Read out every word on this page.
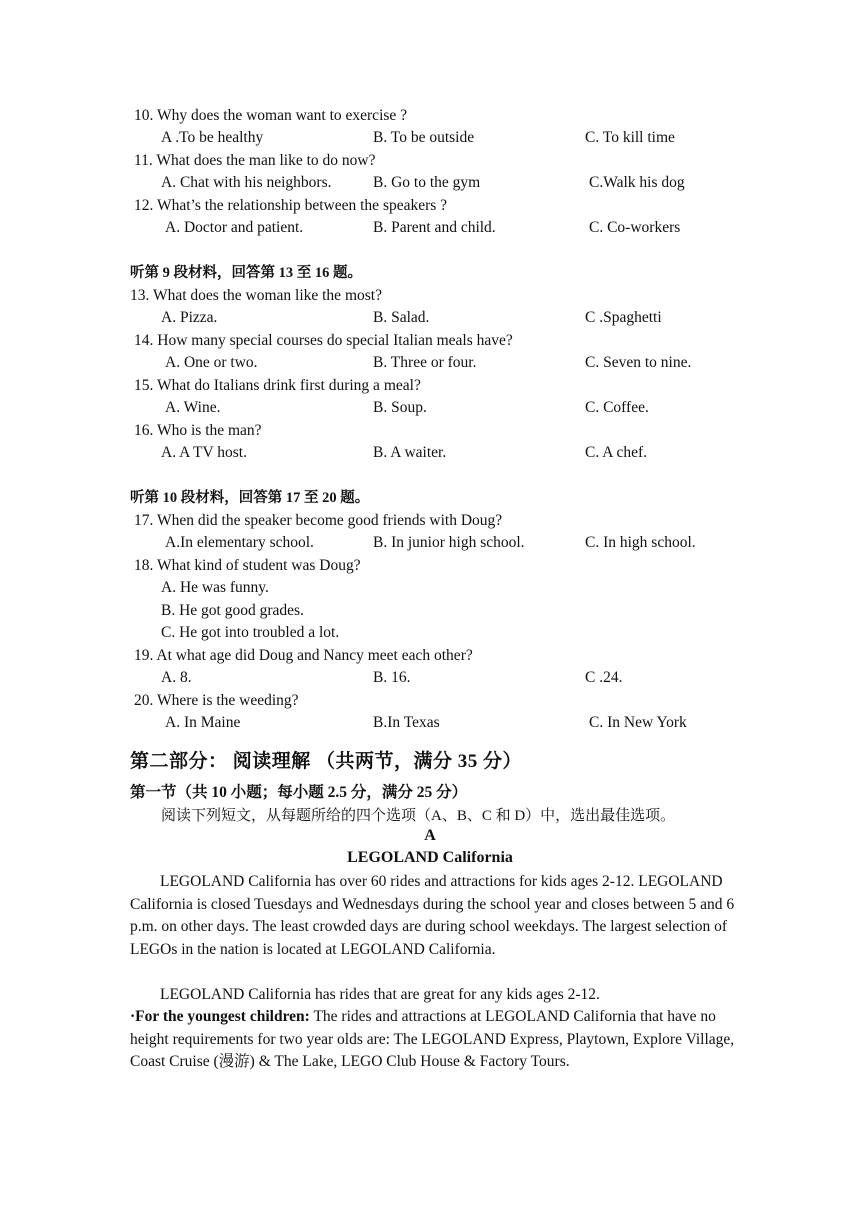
10. Why does the woman want to exercise ?
A .To be healthy	B. To be outside	C. To kill time
11. What does the man like to do now?
A. Chat with his neighbors.	B. Go to the gym	C.Walk his dog
12. What’s the relationship between the speakers ?
A. Doctor and patient.	B. Parent and child.	C. Co-workers
听第 9 段材料，回答第 13 至 16 题。
13. What does the woman like the most?
A. Pizza.	B. Salad.	C .Spaghetti
14. How many special courses do special Italian meals have?
A. One or two.	B. Three or four.	C. Seven to nine.
15. What do Italians drink first during a meal?
A. Wine.	B. Soup.	C. Coffee.
16. Who is the man?
A. A TV host.	B. A waiter.	C. A chef.
听第 10 段材料，回答第 17 至 20 题。
17. When did the speaker become good friends with Doug?
A.In elementary school.	B. In junior high school.	C. In high school.
18. What kind of student was Doug?
A. He was funny.
B. He got good grades.
C. He got into troubled a lot.
19. At what age did Doug and Nancy meet each other?
A. 8.	B. 16.	C .24.
20. Where is the weeding?
A. In Maine	B.In Texas	C. In New York
第二部分： 阅读理解 （共两节，满分 35 分）
第一节（共 10 小题；每小题 2.5 分，满分 25 分）
阅读下列短文，从每题所给的四个选项（A、B、C 和 D）中，选出最佳选项。
A
LEGOLAND California
LEGOLAND California has over 60 rides and attractions for kids ages 2-12. LEGOLAND California is closed Tuesdays and Wednesdays during the school year and closes between 5 and 6 p.m. on other days. The least crowded days are during school weekdays. The largest selection of LEGOs in the nation is located at LEGOLAND California.
LEGOLAND California has rides that are great for any kids ages 2-12.
·For the youngest children: The rides and attractions at LEGOLAND California that have no height requirements for two year olds are: The LEGOLAND Express, Playtown, Explore Village, Coast Cruise (漫游) & The Lake, LEGO Club House & Factory Tours.
